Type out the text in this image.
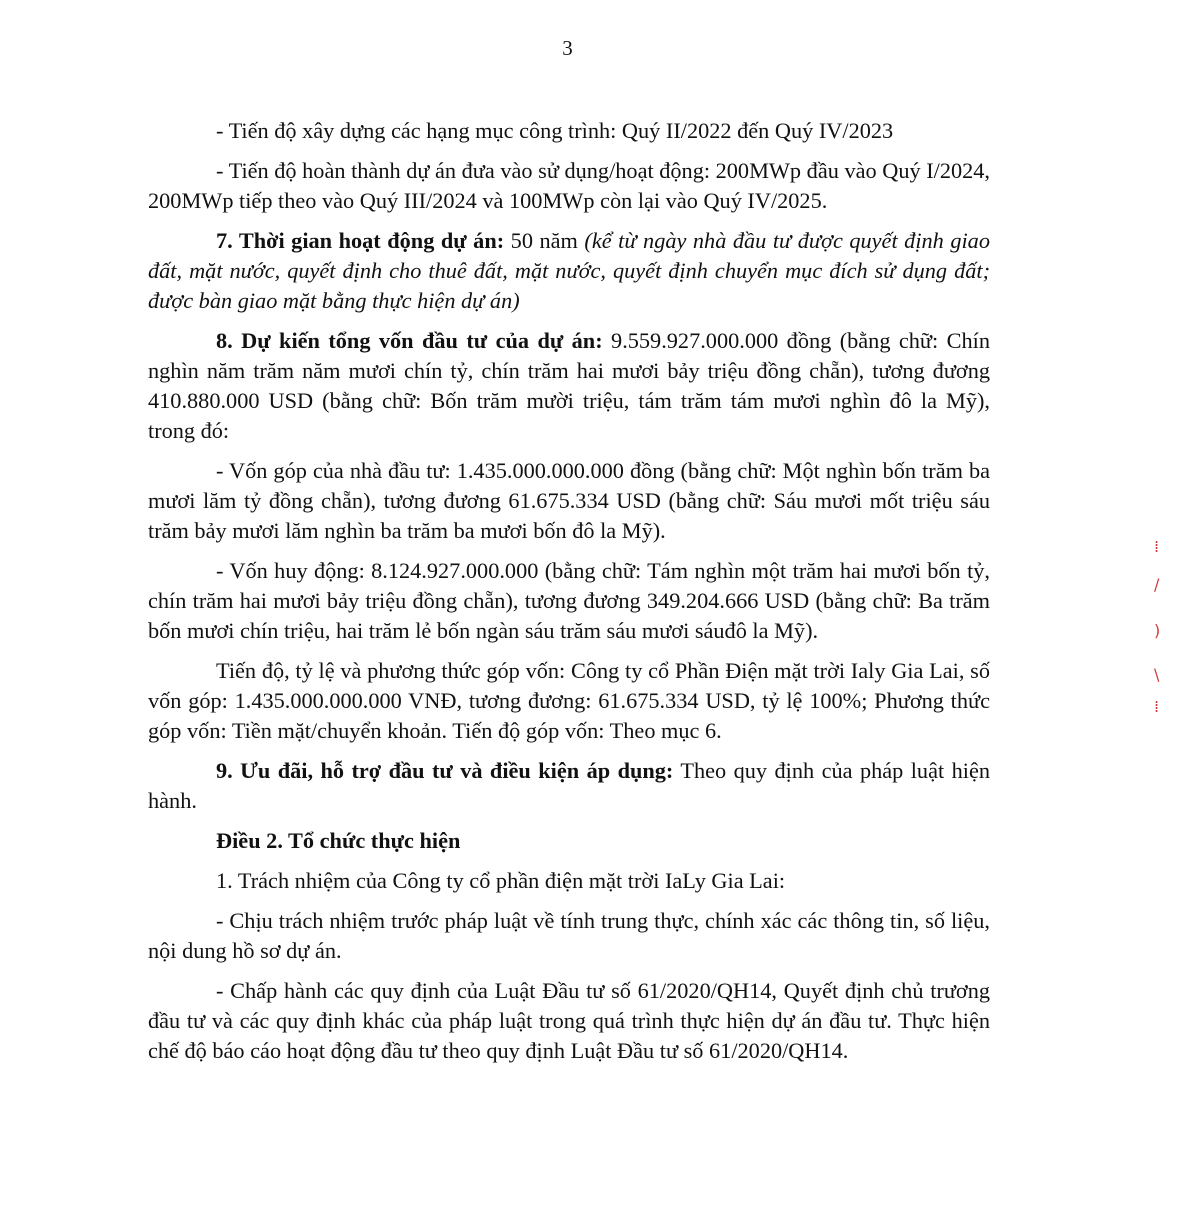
3

- Tiến độ xây dựng các hạng mục công trình: Quý II/2022 đến Quý IV/2023

- Tiến độ hoàn thành dự án đưa vào sử dụng/hoạt động: 200MWp đầu vào Quý I/2024, 200MWp tiếp theo vào Quý III/2024 và 100MWp còn lại vào Quý IV/2025.

7. Thời gian hoạt động dự án: 50 năm (kể từ ngày nhà đầu tư được quyết định giao đất, mặt nước, quyết định cho thuê đất, mặt nước, quyết định chuyển mục đích sử dụng đất; được bàn giao mặt bằng thực hiện dự án)

8. Dự kiến tổng vốn đầu tư của dự án: 9.559.927.000.000 đồng (bằng chữ: Chín nghìn năm trăm năm mươi chín tỷ, chín trăm hai mươi bảy triệu đồng chẵn), tương đương 410.880.000 USD (bằng chữ: Bốn trăm mười triệu, tám trăm tám mươi nghìn đô la Mỹ), trong đó:

- Vốn góp của nhà đầu tư: 1.435.000.000.000 đồng (bằng chữ: Một nghìn bốn trăm ba mươi lăm tỷ đồng chẵn), tương đương 61.675.334 USD (bằng chữ: Sáu mươi mốt triệu sáu trăm bảy mươi lăm nghìn ba trăm ba mươi bốn đô la Mỹ).

- Vốn huy động: 8.124.927.000.000 (bằng chữ: Tám nghìn một trăm hai mươi bốn tỷ, chín trăm hai mươi bảy triệu đồng chẵn), tương đương 349.204.666 USD (bằng chữ: Ba trăm bốn mươi chín triệu, hai trăm lẻ bốn ngàn sáu trăm sáu mươi sáuđô la Mỹ).

Tiến độ, tỷ lệ và phương thức góp vốn: Công ty cổ Phần Điện mặt trời Ialy Gia Lai, số vốn góp: 1.435.000.000.000 VNĐ, tương đương: 61.675.334 USD, tỷ lệ 100%; Phương thức góp vốn: Tiền mặt/chuyển khoản. Tiến độ góp vốn: Theo mục 6.

9. Ưu đãi, hỗ trợ đầu tư và điều kiện áp dụng: Theo quy định của pháp luật hiện hành.

Điều 2. Tổ chức thực hiện

1. Trách nhiệm của Công ty cổ phần điện mặt trời IaLy Gia Lai:

- Chịu trách nhiệm trước pháp luật về tính trung thực, chính xác các thông tin, số liệu, nội dung hồ sơ dự án.

- Chấp hành các quy định của Luật Đầu tư số 61/2020/QH14, Quyết định chủ trương đầu tư và các quy định khác của pháp luật trong quá trình thực hiện dự án đầu tư. Thực hiện chế độ báo cáo hoạt động đầu tư theo quy định Luật Đầu tư số 61/2020/QH14.

⁞
/
)
\
⁞
